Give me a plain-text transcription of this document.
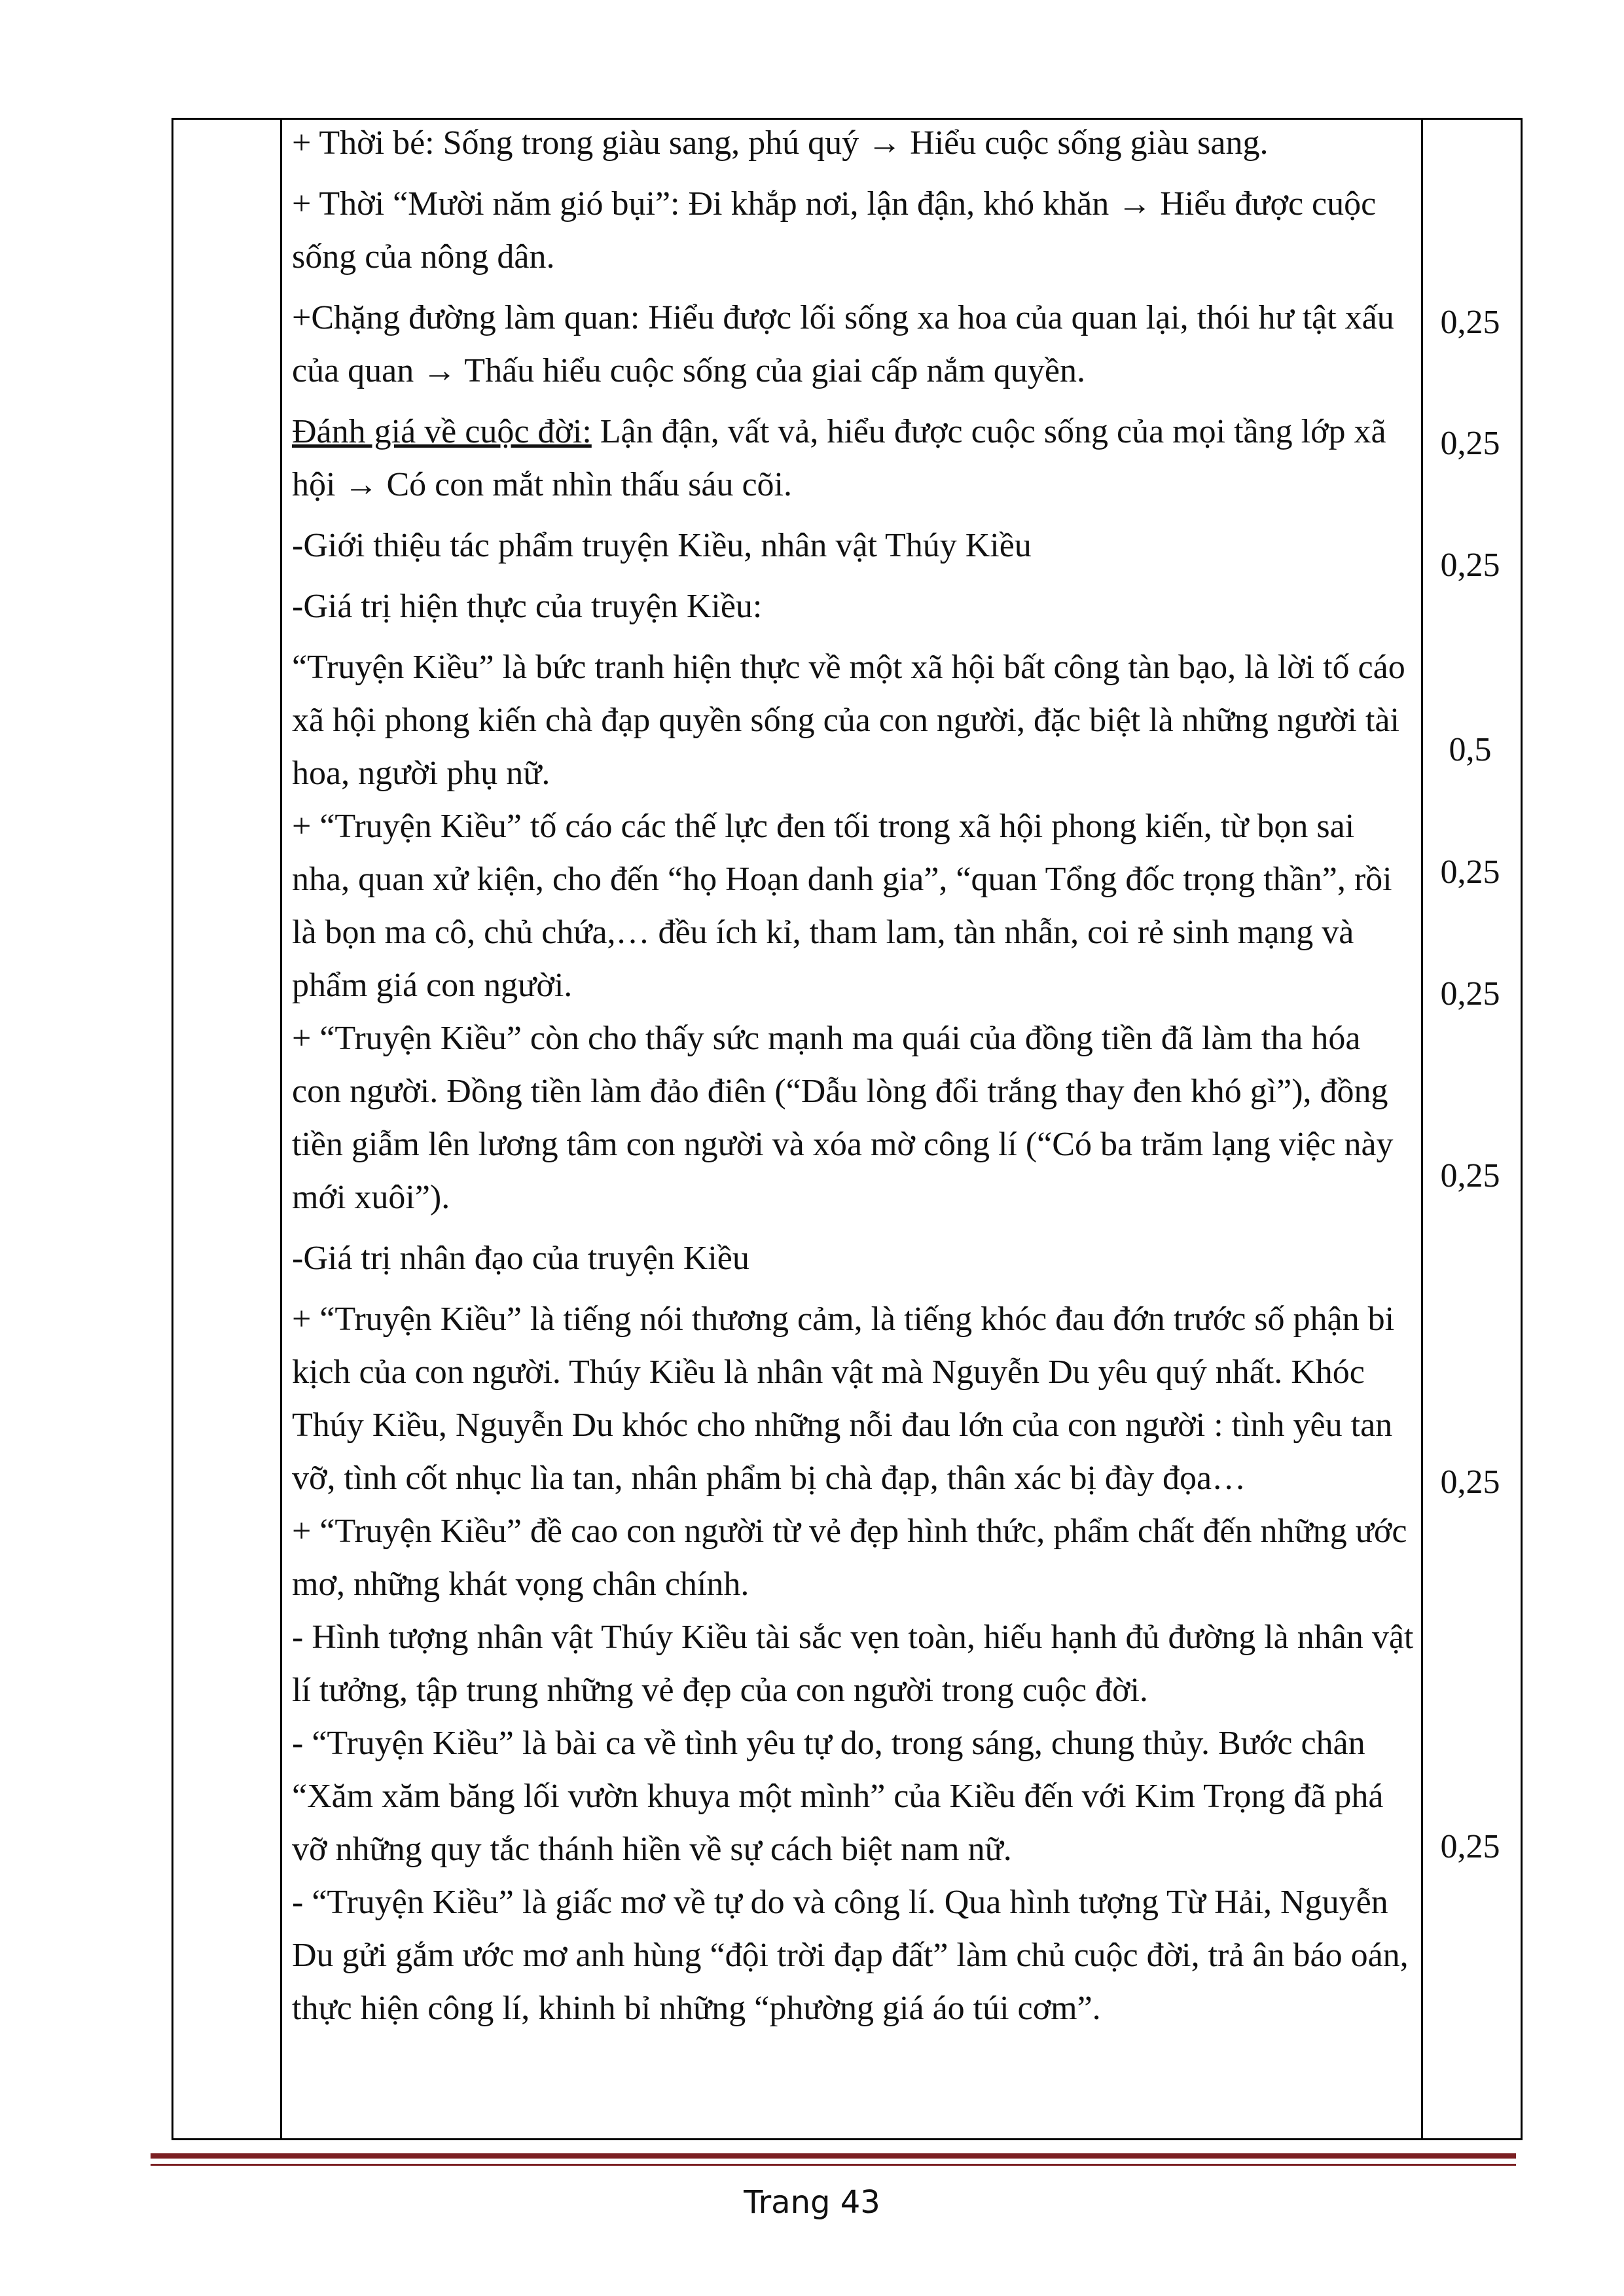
+ Thời bé: Sống trong giàu sang, phú quý → Hiểu cuộc sống giàu sang.

+ Thời “Mười năm gió bụi”: Đi khắp nơi, lận đận, khó khăn → Hiểu được cuộc sống của nông dân.

+Chặng đường làm quan: Hiểu được lối sống xa hoa của quan lại, thói hư tật xấu của quan → Thấu hiểu cuộc sống của giai cấp nắm quyền.

Đánh giá về cuộc đời: Lận đận, vất vả, hiểu được cuộc sống của mọi tầng lớp xã hội → Có con mắt nhìn thấu sáu cõi.

-Giới thiệu tác phẩm truyện Kiều, nhân vật Thúy Kiều

-Giá trị hiện thực của truyện Kiều:

“Truyện Kiều” là bức tranh hiện thực về một xã hội bất công tàn bạo, là lời tố cáo xã hội phong kiến chà đạp quyền sống của con người, đặc biệt là những người tài hoa, người phụ nữ.

+ “Truyện Kiều” tố cáo các thế lực đen tối trong xã hội phong kiến, từ bọn sai nha, quan xử kiện, cho đến “họ Hoạn danh gia”, “quan Tổng đốc trọng thần”, rồi là bọn ma cô, chủ chứa,… đều ích kỉ, tham lam, tàn nhẫn, coi rẻ sinh mạng và phẩm giá con người.

+ “Truyện Kiều” còn cho thấy sức mạnh ma quái của đồng tiền đã làm tha hóa con người. Đồng tiền làm đảo điên (“Dẫu lòng đổi trắng thay đen khó gì”), đồng tiền giẫm lên lương tâm con người và xóa mờ công lí (“Có ba trăm lạng việc này mới xuôi”).

-Giá trị nhân đạo của truyện Kiều

+ “Truyện Kiều” là tiếng nói thương cảm, là tiếng khóc đau đớn trước số phận bi kịch của con người. Thúy Kiều là nhân vật mà Nguyễn Du yêu quý nhất. Khóc Thúy Kiều, Nguyễn Du khóc cho những nỗi đau lớn của con người : tình yêu tan vỡ, tình cốt nhục lìa tan, nhân phẩm bị chà đạp, thân xác bị đày đọa…

+ “Truyện Kiều” đề cao con người từ vẻ đẹp hình thức, phẩm chất đến những ước mơ, những khát vọng chân chính.

- Hình tượng nhân vật Thúy Kiều tài sắc vẹn toàn, hiếu hạnh đủ đường là nhân vật lí tưởng, tập trung những vẻ đẹp của con người trong cuộc đời.

- “Truyện Kiều” là bài ca về tình yêu tự do, trong sáng, chung thủy. Bước chân “Xăm xăm băng lối vườn khuya một mình” của Kiều đến với Kim Trọng đã phá vỡ những quy tắc thánh hiền về sự cách biệt nam nữ.

- “Truyện Kiều” là giấc mơ về tự do và công lí. Qua hình tượng Từ Hải, Nguyễn Du gửi gắm ước mơ anh hùng “đội trời đạp đất” làm chủ cuộc đời, trả ân báo oán, thực hiện công lí, khinh bỉ những “phường giá áo túi cơm”.

0,25
0,25
0,25
0,5
0,25
0,25
0,25
0,25
0,25
Trang 43
